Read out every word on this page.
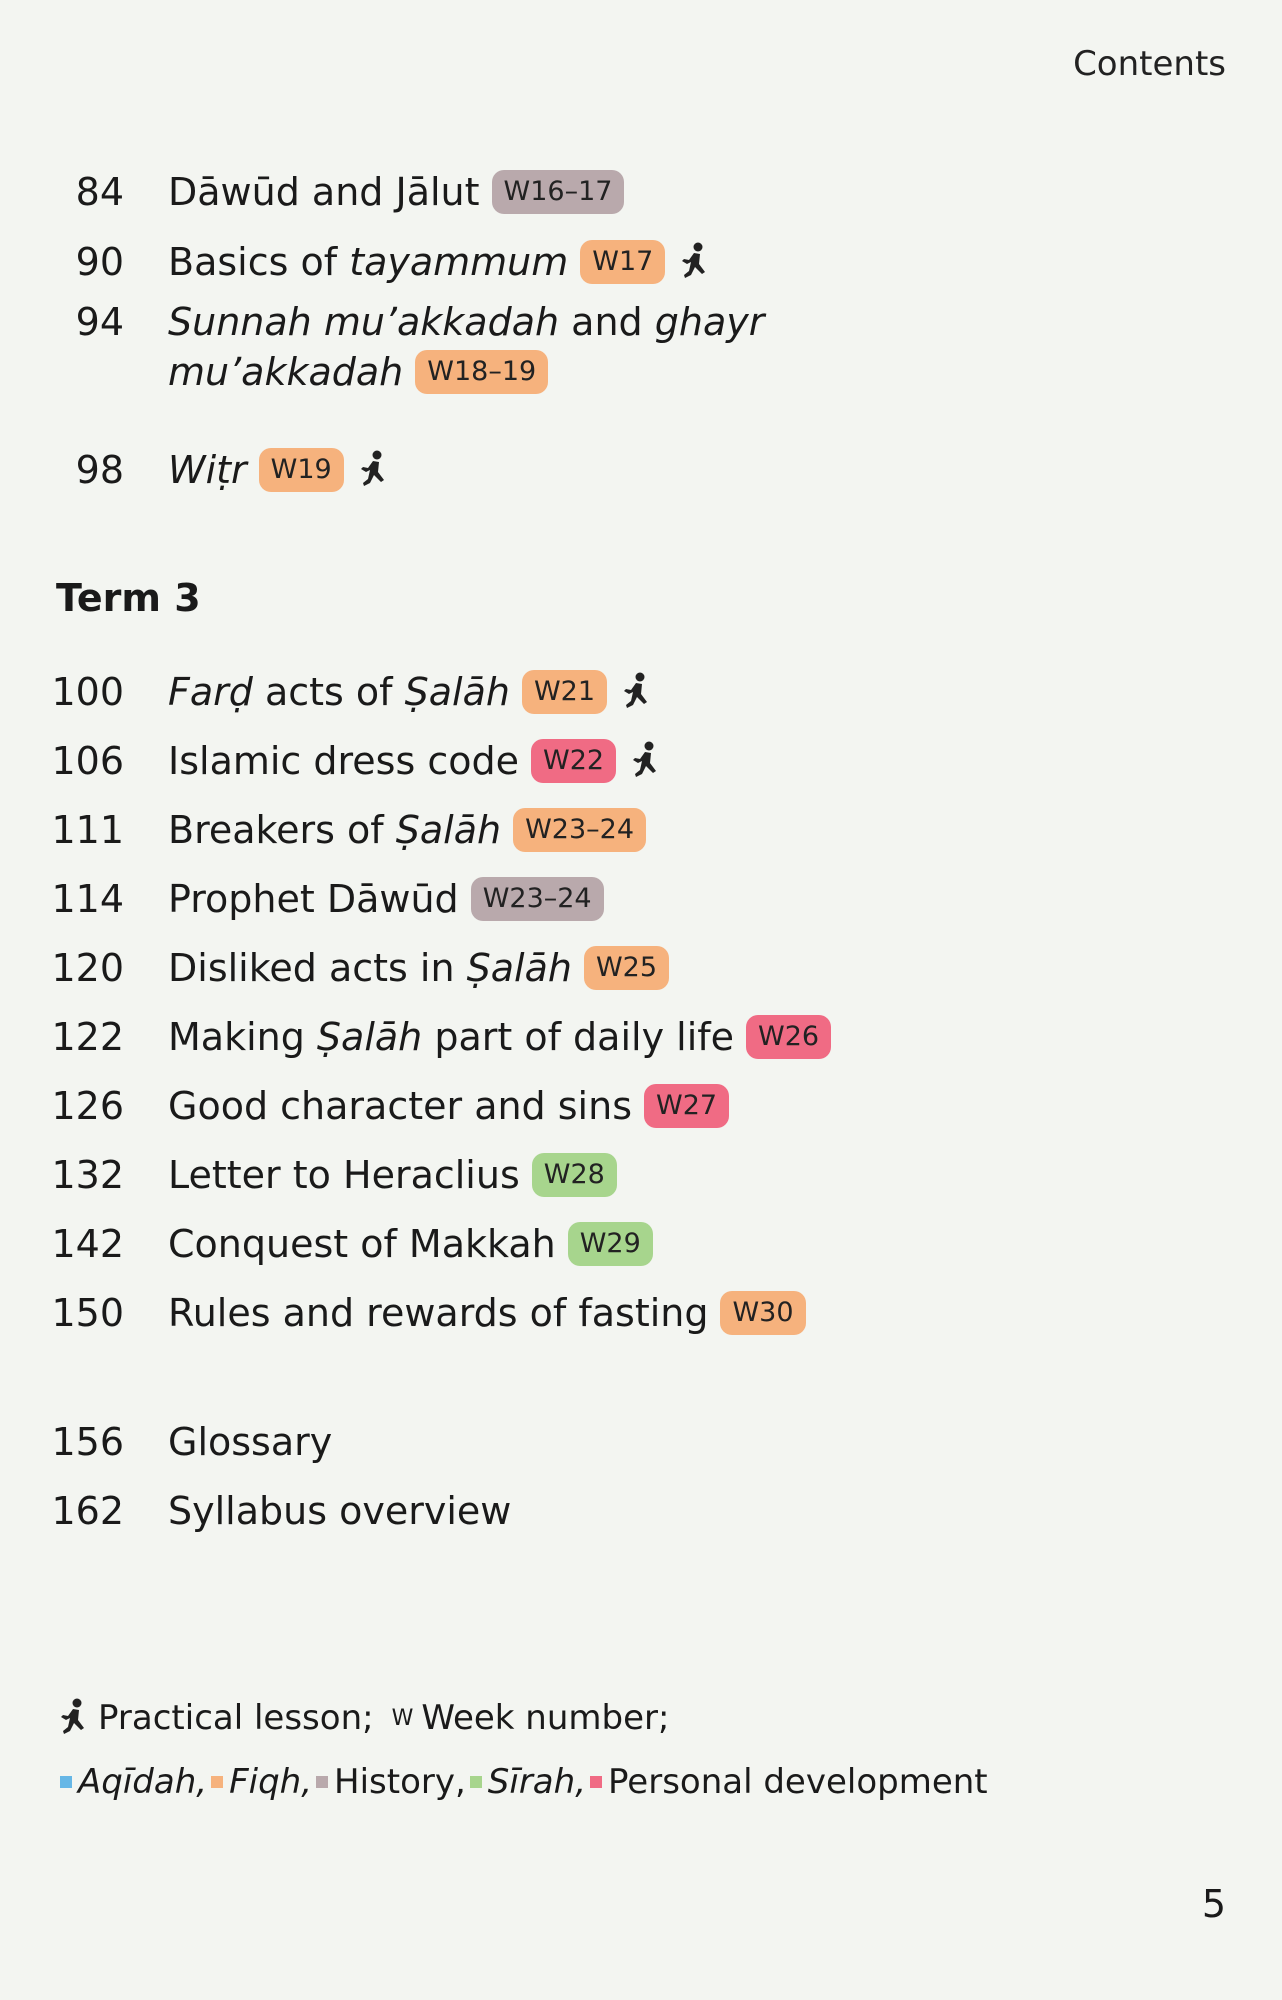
Contents
84 Dāwūd and Jālut W16–17
90 Basics of tayammum W17
94 Sunnah mu’akkadah and ghayr
mu’akkadah W18–19
98 Wiṭr W19
Term 3
100 Farḍ acts of Ṣalāh W21
106 Islamic dress code W22
111 Breakers of Ṣalāh W23–24
114 Prophet Dāwūd W23–24
120 Disliked acts in Ṣalāh W25
122 Making Ṣalāh part of daily life W26
126 Good character and sins W27
132 Letter to Heraclius W28
142 Conquest of Makkah W29
150 Rules and rewards of fasting W30
156 Glossary
162 Syllabus overview
Practical lesson; W Week number;
Aqīdah, Fiqh, History, Sīrah, Personal development
5
